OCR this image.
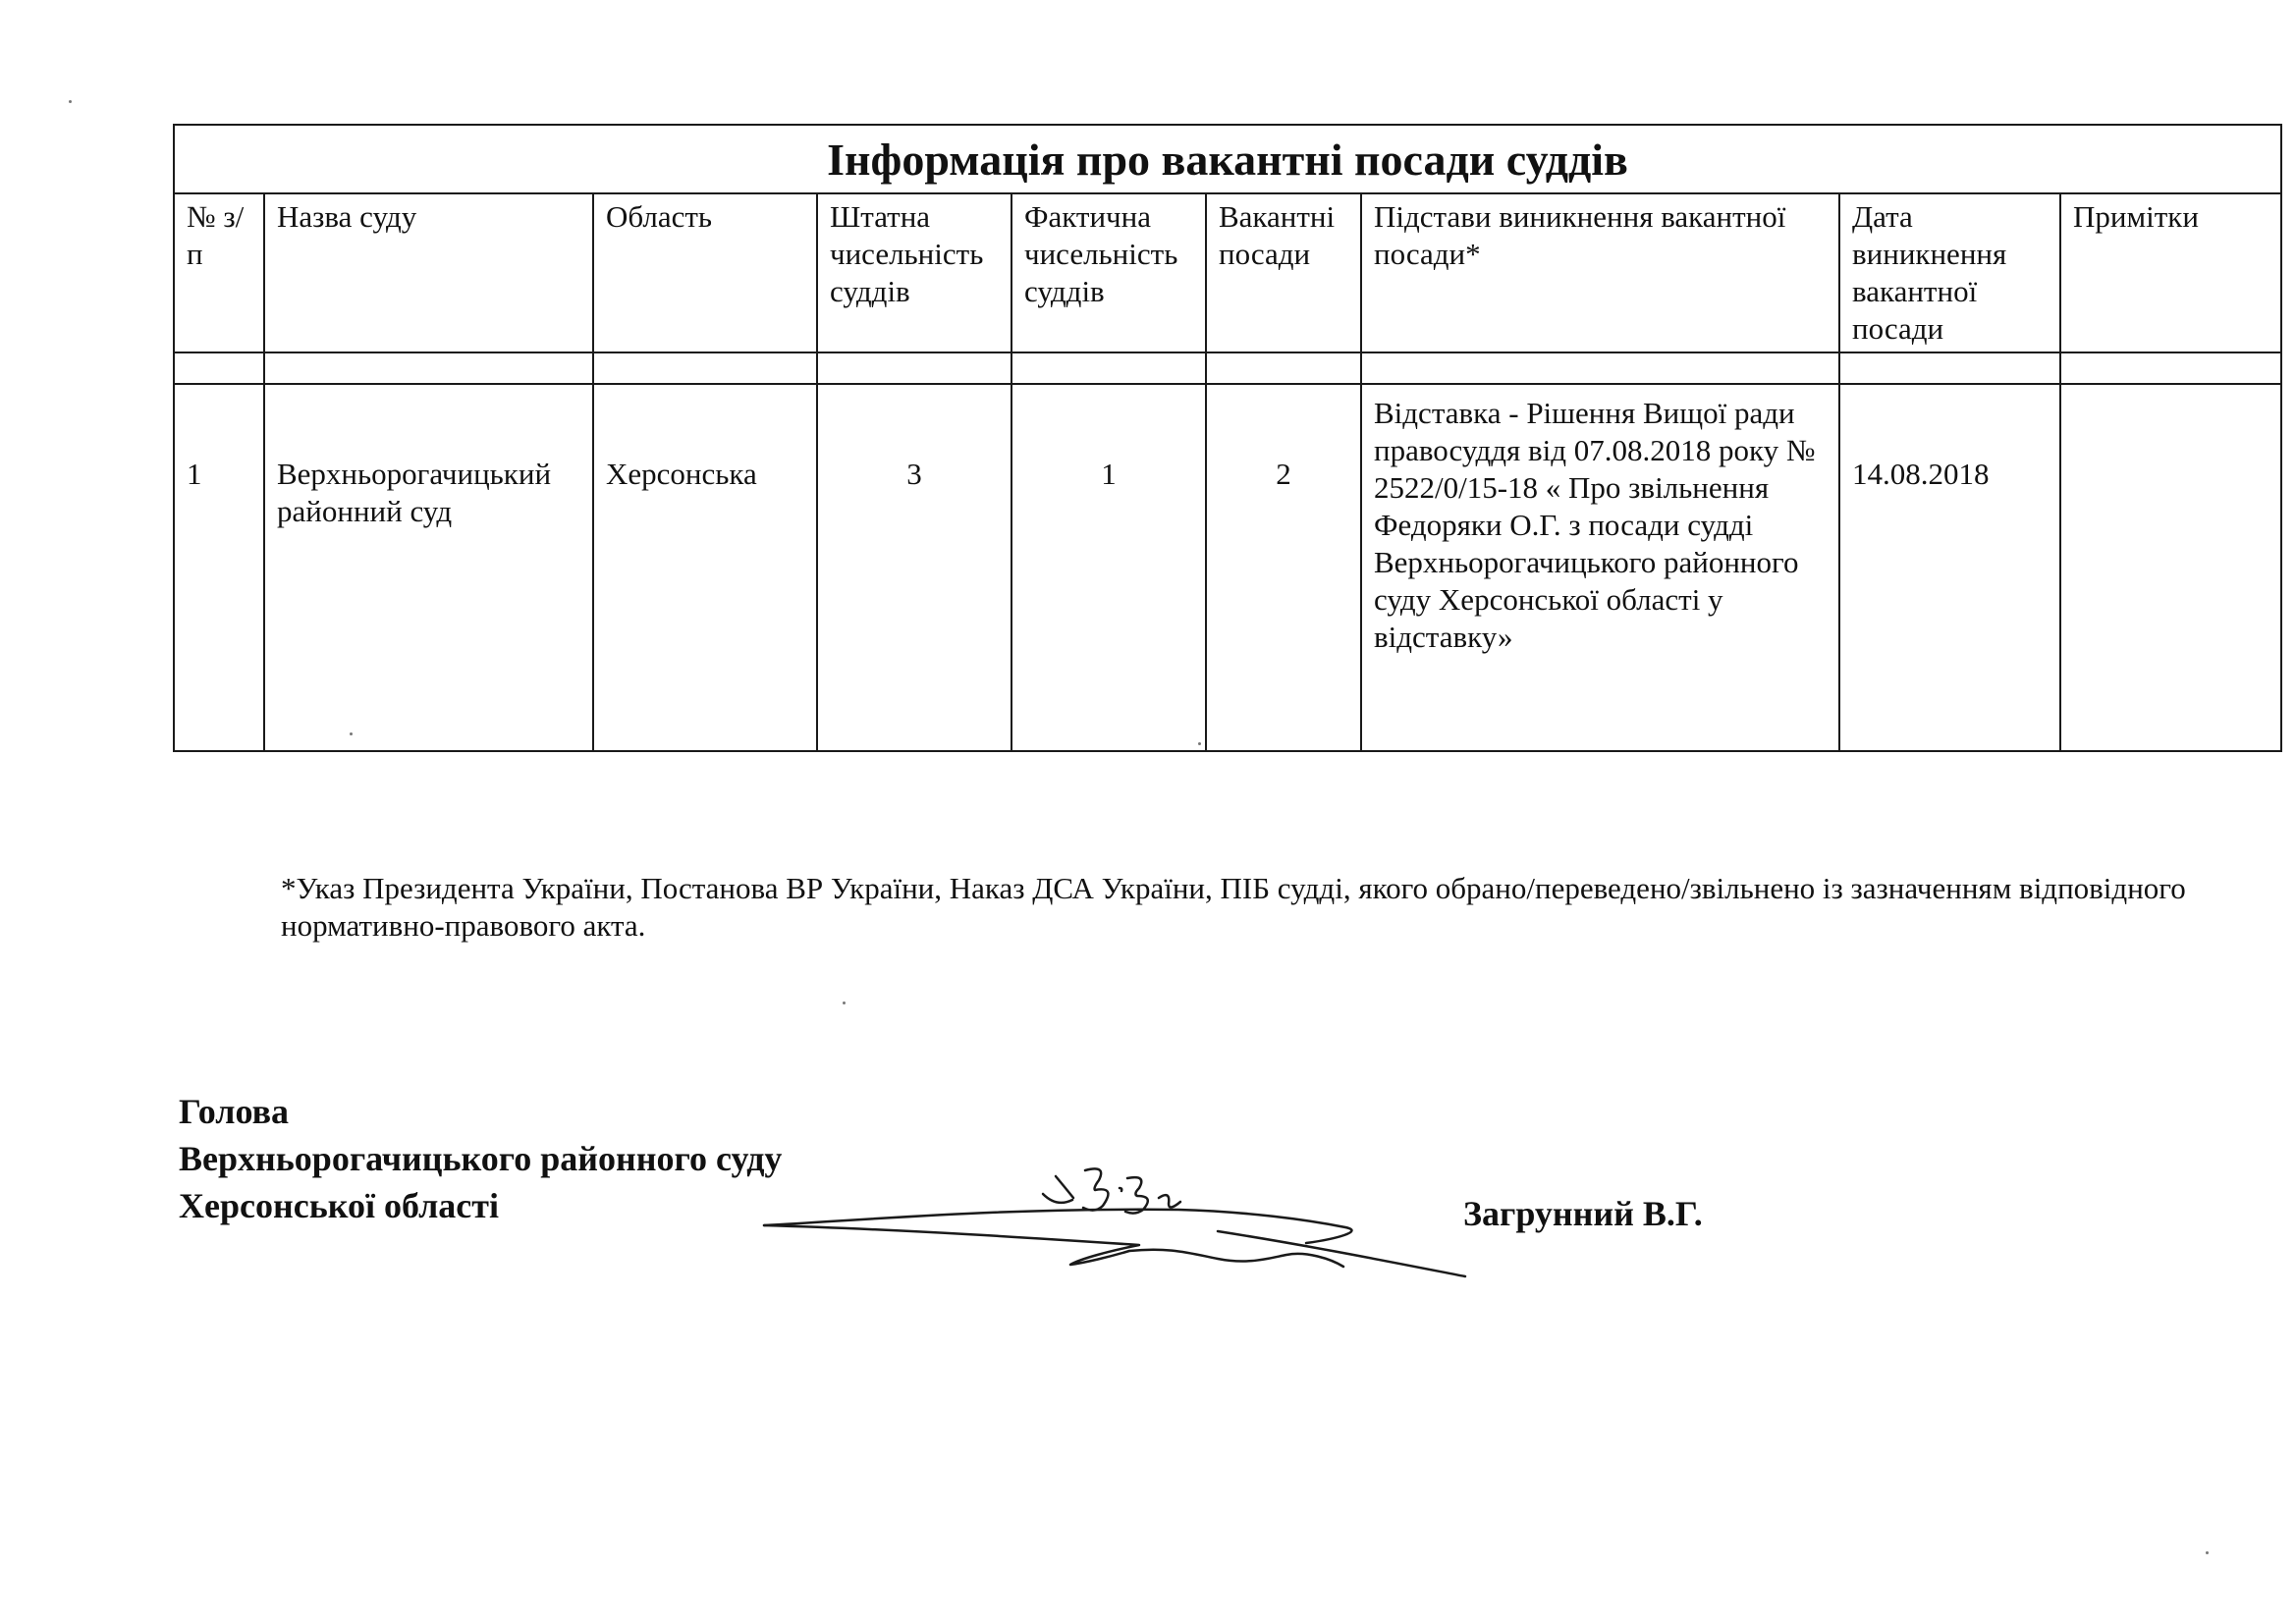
Інформація про вакантні посади суддів								
№ з/п	Назва суду	Область	Штатна чисельність суддів	Фактична чисельність суддів	Вакантні посади	Підстави виникнення вакантної посади*	Дата виникнення вакантної посади	Примітки

1	Верхньорогачицький районний суд	Херсонська	3	1	2	Відставка - Рішення Вищої ради правосуддя від 07.08.2018 року № 2522/0/15-18 « Про звільнення Федоряки О.Г. з посади судді Верхньорогачицького районного суду Херсонської області у відставку»	14.08.2018	
*Указ Президента України, Постанова ВР України, Наказ ДСА України, ПІБ судді, якого обрано/переведено/звільнено із зазначенням відповідного нормативно-правового акта.
Голова
Верхньорогачицького районного суду
Херсонської області	Загрунний В.Г.
